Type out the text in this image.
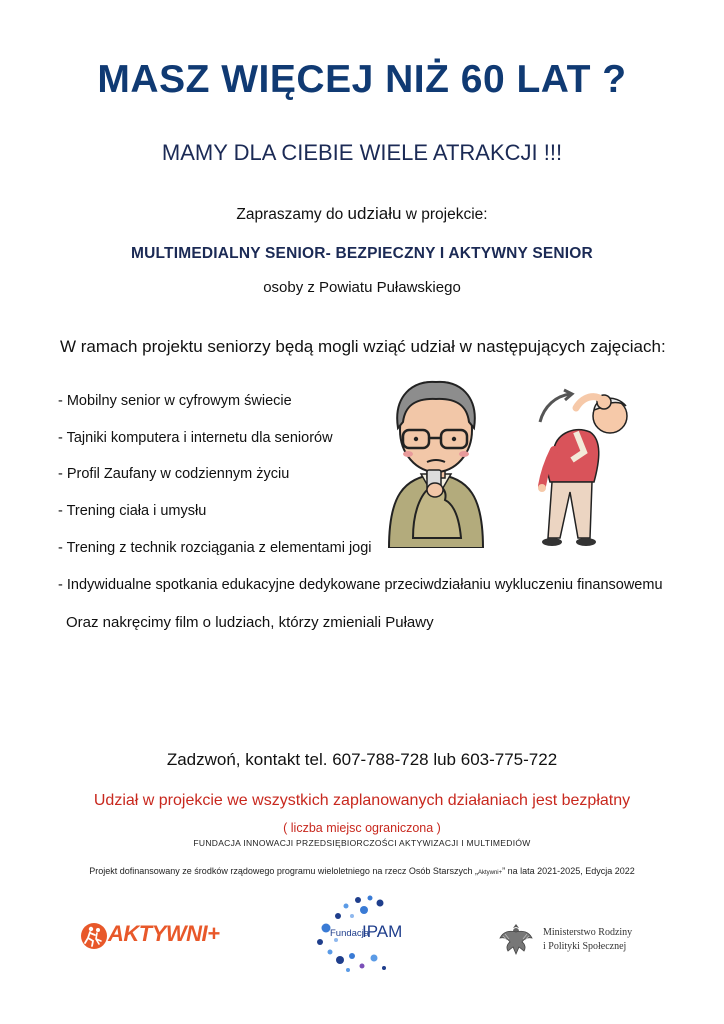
MASZ WIĘCEJ NIŻ 60 LAT ?
MAMY DLA CIEBIE WIELE ATRAKCJI !!!
Zapraszamy do udziału w projekcie:
MULTIMEDIALNY SENIOR- BEZPIECZNY I AKTYWNY SENIOR
osoby z Powiatu Puławskiego
W ramach projektu seniorzy będą mogli wziąć udział w następujących zajęciach:
- Mobilny senior w cyfrowym świecie
- Tajniki komputera i internetu dla seniorów
- Profil Zaufany w codziennym życiu
- Trening ciała i umysłu
- Trening z technik rozciągania z elementami jogi
- Indywidualne spotkania edukacyjne dedykowane przeciwdziałaniu wykluczeniu finansowemu
Oraz nakręcimy film o ludziach, którzy zmieniali Puławy
Zadzwoń, kontakt tel. 607-788-728 lub 603-775-722
Udział w projekcie we wszystkich zaplanowanych działaniach jest bezpłatny
( liczba miejsc ograniczona )
FUNDACJA INNOWACJI PRZEDSIĘBIORCZOŚCI AKTYWIZACJI I MULTIMEDIÓW
Projekt dofinansowany ze środków rządowego programu wieloletniego na rzecz Osób Starszych „Aktywni+” na lata 2021-2025, Edycja 2022
AKTYWNI+	Fundacja
IPAM	Ministerstwo Rodziny
i Polityki Społecznej
